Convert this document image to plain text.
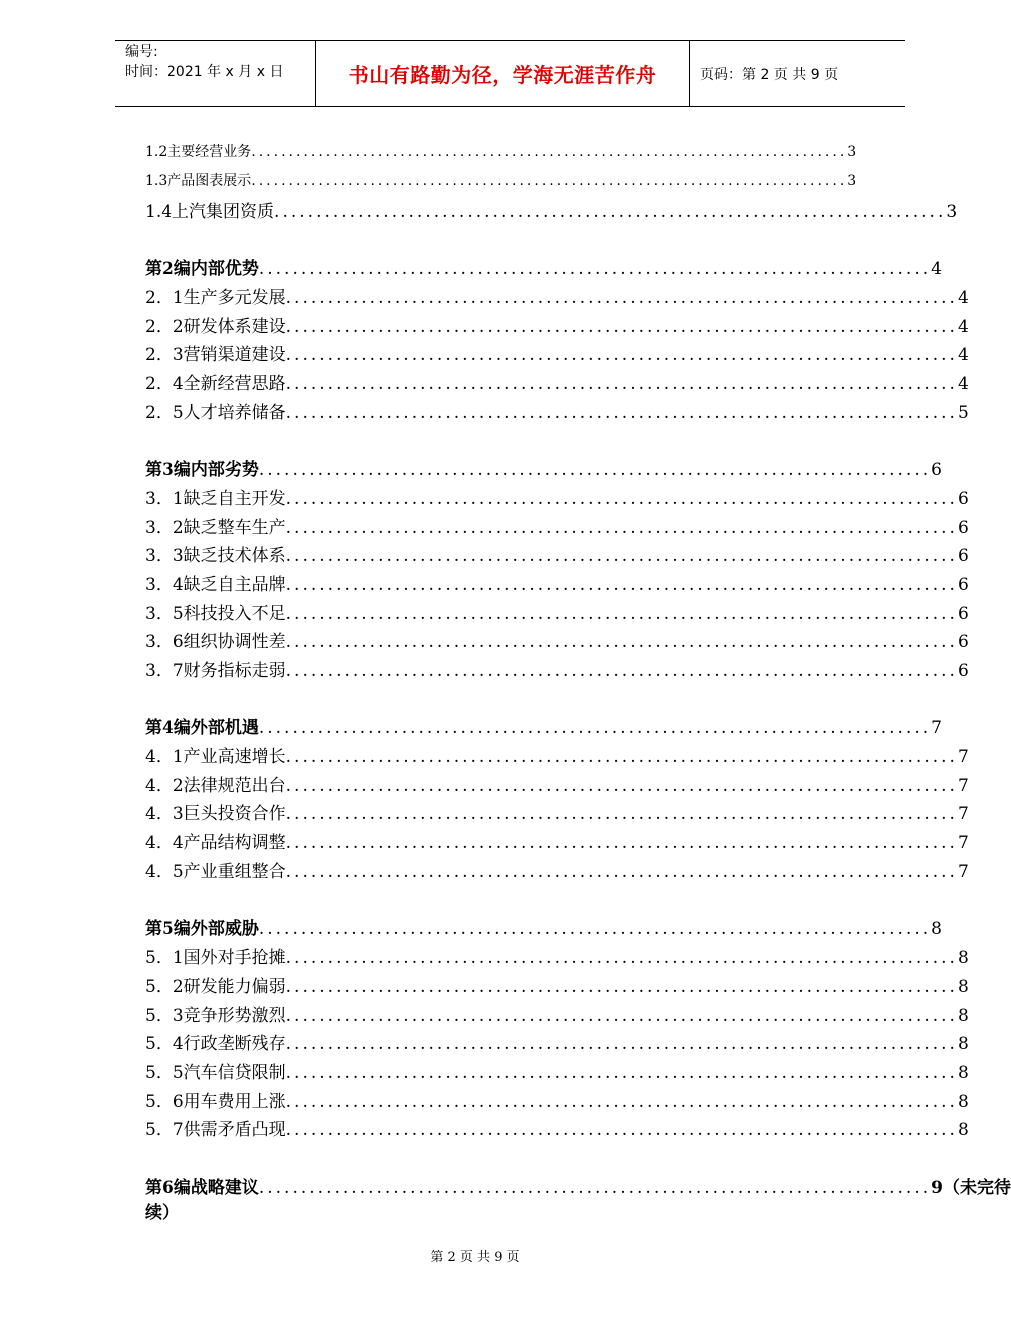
编号:
时间：2021 年 x 月 x 日	书山有路勤为径，学海无涯苦作舟	页码：第 2 页 共 9 页
1.2主要经营业务 ................................................................................ 3
1.3产品图表展示 ................................................................................ 3
1.4上汽集团资质 ................................................................................ 3
第2编 内部优势 ................................................................................ 4
2．1生产多元发展 ................................................................................ 4
2．2研发体系建设 ................................................................................ 4
2．3营销渠道建设 ................................................................................ 4
2．4全新经营思路 ................................................................................ 4
2．5人才培养储备 ................................................................................ 5
第3编 内部劣势 ................................................................................ 6
3．1缺乏自主开发 ................................................................................ 6
3．2缺乏整车生产 ................................................................................ 6
3．3缺乏技术体系 ................................................................................ 6
3．4缺乏自主品牌 ................................................................................ 6
3．5科技投入不足 ................................................................................ 6
3．6组织协调性差 ................................................................................ 6
3．7财务指标走弱 ................................................................................ 6
第4编 外部机遇 ................................................................................ 7
4．1产业高速增长 ................................................................................ 7
4．2法律规范出台 ................................................................................ 7
4．3巨头投资合作 ................................................................................ 7
4．4产品结构调整 ................................................................................ 7
4．5产业重组整合 ................................................................................ 7
第5编 外部威胁 ................................................................................ 8
5．1国外对手抢摊 ................................................................................ 8
5．2研发能力偏弱 ................................................................................ 8
5．3竞争形势激烈 ................................................................................ 8
5．4行政垄断残存 ................................................................................ 8
5．5汽车信贷限制 ................................................................................ 8
5．6用车费用上涨 ................................................................................ 8
5．7供需矛盾凸现 ................................................................................ 8
第6编 战略建议 ................................................................................ 9（未完待
续）
第 2 页 共 9 页
